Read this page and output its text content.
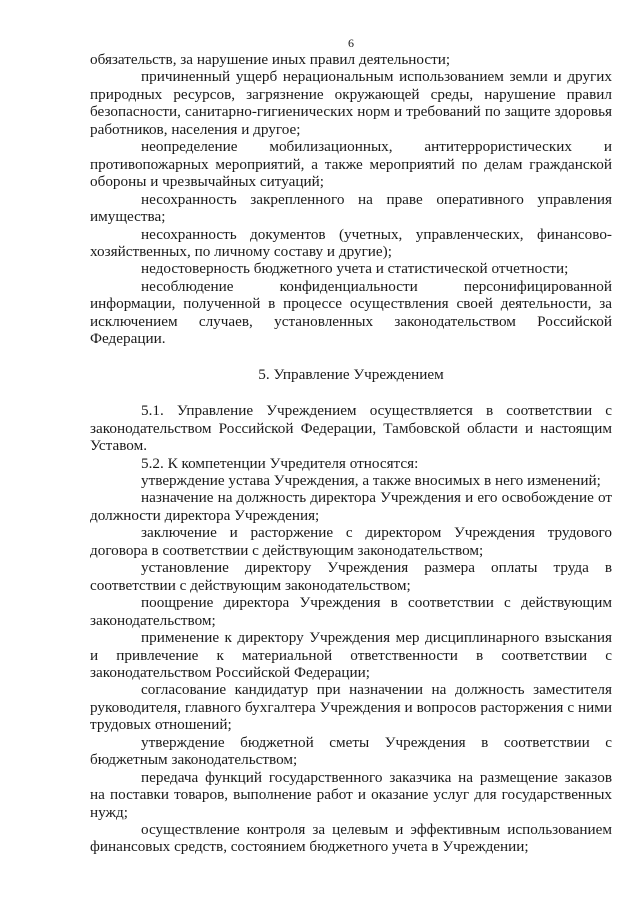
6

обязательств, за нарушение иных правил деятельности;

причиненный ущерб нерациональным использованием земли и других природных ресурсов, загрязнение окружающей среды, нарушение правил безопасности, санитарно-гигиенических норм и требований по защите здоровья работников, населения и другое;

неопределение мобилизационных, антитеррористических и противопожарных мероприятий, а также мероприятий по делам гражданской обороны и чрезвычайных ситуаций;

несохранность закрепленного на праве оперативного управления имущества;

несохранность документов (учетных, управленческих, финансово-хозяйственных, по личному составу и другие);

недостоверность бюджетного учета и статистической отчетности;

несоблюдение конфиденциальности персонифицированной информации, полученной в процессе осуществления своей деятельности, за исключением случаев, установленных законодательством Российской Федерации.

5. Управление Учреждением

5.1. Управление Учреждением осуществляется в соответствии с законодательством Российской Федерации, Тамбовской области и настоящим Уставом.

5.2. К компетенции Учредителя относятся:

утверждение устава Учреждения, а также вносимых в него изменений;

назначение на должность директора Учреждения и его освобождение от должности директора Учреждения;

заключение и расторжение с директором Учреждения трудового договора в соответствии с действующим законодательством;

установление директору Учреждения размера оплаты труда в соответствии с действующим законодательством;

поощрение директора Учреждения в соответствии с действующим законодательством;

применение к директору Учреждения мер дисциплинарного взыскания и привлечение к материальной ответственности в соответствии с законодательством Российской Федерации;

согласование кандидатур при назначении на должность заместителя руководителя, главного бухгалтера Учреждения и вопросов расторжения с ними трудовых отношений;

утверждение бюджетной сметы Учреждения в соответствии с бюджетным законодательством;

передача функций государственного заказчика на размещение заказов на поставки товаров, выполнение работ и оказание услуг для государственных нужд;

осуществление контроля за целевым и эффективным использованием финансовых средств, состоянием бюджетного учета в Учреждении;
